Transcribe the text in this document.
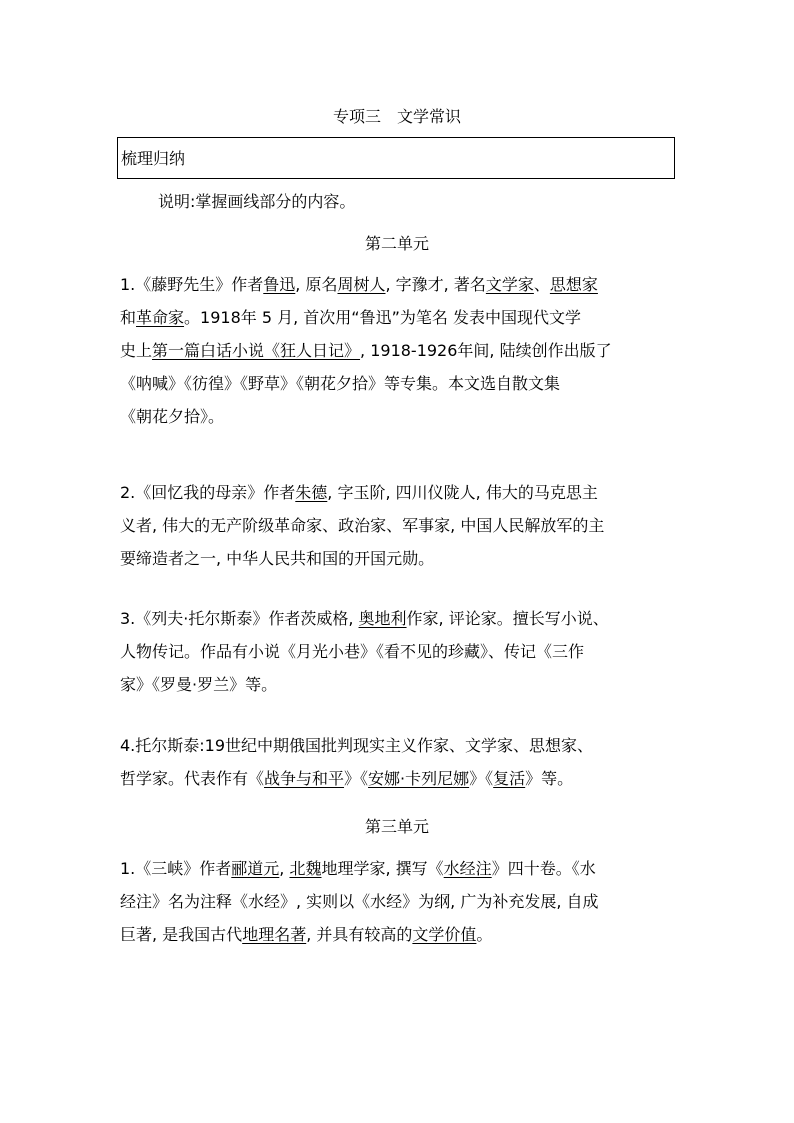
专项三 文学常识
梳理归纳
说明:掌握画线部分的内容。
第二单元
1.《藤野先生》作者鲁迅, 原名周树人, 字豫才, 著名文学家、思想家
和革命家。1918年 5 月, 首次用“鲁迅”为笔名 发表中国现代文学
史上第一篇白话小说《狂人日记》, 1918-1926年间, 陆续创作出版了
《呐喊》《彷徨》《野草》《朝花夕拾》等专集。本文选自散文集
《朝花夕拾》。
2.《回忆我的母亲》作者朱德, 字玉阶, 四川仪陇人, 伟大的马克思主
义者, 伟大的无产阶级革命家、政治家、军事家, 中国人民解放军的主
要缔造者之一, 中华人民共和国的开国元勋。
3.《列夫·托尔斯泰》作者茨威格, 奥地利作家, 评论家。擅长写小说、
人物传记。作品有小说《月光小巷》《看不见的珍藏》、传记《三作
家》《罗曼·罗兰》等。
4.托尔斯泰:19世纪中期俄国批判现实主义作家、文学家、思想家、
哲学家。代表作有《战争与和平》《安娜·卡列尼娜》《复活》等。
第三单元
1.《三峡》作者郦道元, 北魏地理学家, 撰写《水经注》四十卷。《水
经注》名为注释《水经》, 实则以《水经》为纲, 广为补充发展, 自成
巨著, 是我国古代地理名著, 并具有较高的文学价值。
